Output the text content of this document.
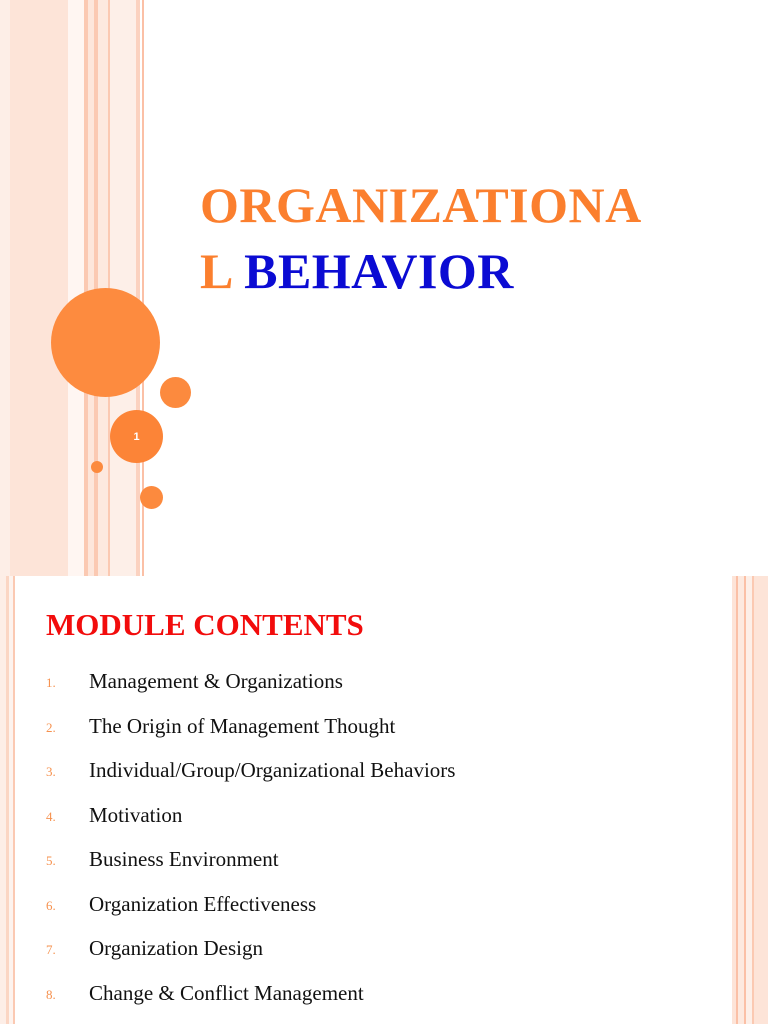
ORGANIZATIONA
L BEHAVIOR
1
MODULE CONTENTS
1.	Management & Organizations
2.	The Origin of Management Thought
3.	Individual/Group/Organizational Behaviors
4.	Motivation
5.	Business Environment
6.	Organization Effectiveness
7.	Organization Design
8.	Change & Conflict Management
